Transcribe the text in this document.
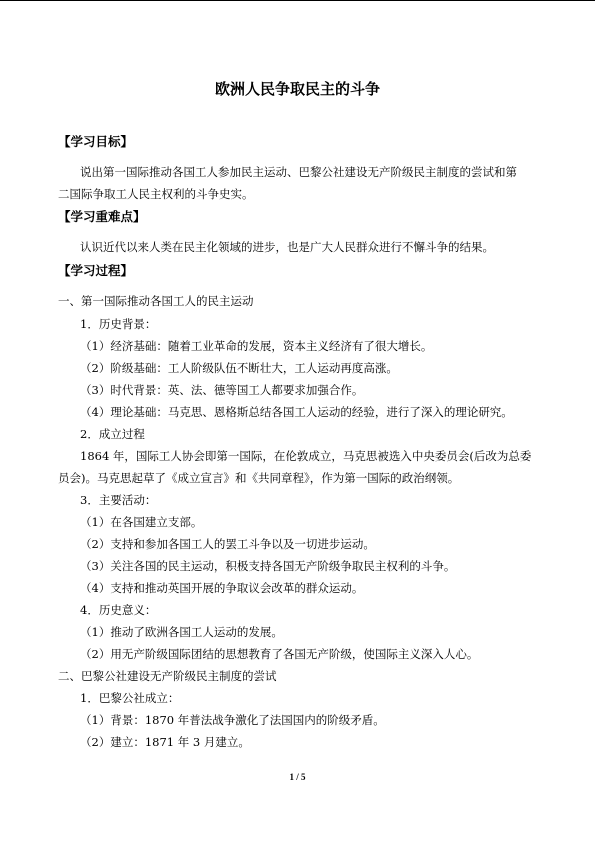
欧洲人民争取民主的斗争
【学习目标】
说出第一国际推动各国工人参加民主运动、巴黎公社建设无产阶级民主制度的尝试和第
二国际争取工人民主权利的斗争史实。
【学习重难点】
认识近代以来人类在民主化领域的进步，也是广大人民群众进行不懈斗争的结果。
【学习过程】
一、第一国际推动各国工人的民主运动
1．历史背景：
（1）经济基础：随着工业革命的发展，资本主义经济有了很大增长。
（2）阶级基础：工人阶级队伍不断壮大，工人运动再度高涨。
（3）时代背景：英、法、德等国工人都要求加强合作。
（4）理论基础：马克思、恩格斯总结各国工人运动的经验，进行了深入的理论研究。
2．成立过程
1864 年，国际工人协会即第一国际，在伦敦成立，马克思被选入中央委员会(后改为总委
员会)。马克思起草了《成立宣言》和《共同章程》，作为第一国际的政治纲领。
3．主要活动：
（1）在各国建立支部。
（2）支持和参加各国工人的罢工斗争以及一切进步运动。
（3）关注各国的民主运动，积极支持各国无产阶级争取民主权利的斗争。
（4）支持和推动英国开展的争取议会改革的群众运动。
4．历史意义：
（1）推动了欧洲各国工人运动的发展。
（2）用无产阶级国际团结的思想教育了各国无产阶级，使国际主义深入人心。
二、巴黎公社建设无产阶级民主制度的尝试
1．巴黎公社成立：
（1）背景：1870 年普法战争激化了法国国内的阶级矛盾。
（2）建立：1871 年 3 月建立。
1 / 5
